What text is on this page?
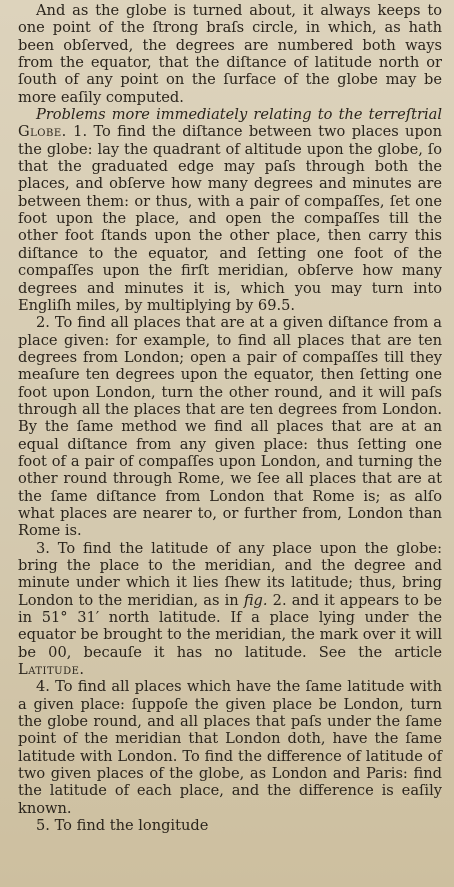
And as the globe is turned about, it always keeps to one point of the ſtrong braſs circle, in which, as hath been obſerved, the degrees are numbered both ways from the equator, that the diſtance of latitude north or ſouth of any point on the ſurface of the globe may be more eaſily computed.

Problems more immediately relating to the terreſtrial Globe. 1. To find the diſtance between two places upon the globe: lay the quadrant of altitude upon the globe, ſo that the graduated edge may paſs through both the places, and obſerve how many degrees and minutes are between them: or thus, with a pair of compaſſes, ſet one foot upon the place, and open the compaſſes till the other foot ſtands upon the other place, then carry this diſtance to the equator, and ſetting one foot of the compaſſes upon the firſt meridian, obſerve how many degrees and minutes it is, which you may turn into Engliſh miles, by multiplying by 69.5.

2. To find all places that are at a given diſtance from a place given: for example, to find all places that are ten degrees from London; open a pair of compaſſes till they meaſure ten degrees upon the equator, then ſetting one foot upon London, turn the other round, and it will paſs through all the places that are ten degrees from London. By the ſame method we find all places that are at an equal diſtance from any given place: thus ſetting one foot of a pair of compaſſes upon London, and turning the other round through Rome, we ſee all places that are at the ſame diſtance from London that Rome is; as alſo what places are nearer to, or further from, London than Rome is.

3. To find the latitude of any place upon the globe: bring the place to the meridian, and the degree and minute under which it lies ſhew its latitude; thus, bring London to the meridian, as in fig. 2. and it appears to be in 51° 31′ north latitude. If a place lying under the equator be brought to the meridian, the mark over it will be 00, becauſe it has no latitude. See the article Latitude.

4. To find all places which have the ſame latitude with a given place: ſuppoſe the given place be London, turn the globe round, and all places that paſs under the ſame point of the meridian that London doth, have the ſame latitude with London. To find the difference of latitude of two given places of the globe, as London and Paris: find the latitude of each place, and the difference is eaſily known.

5. To find the longitude
